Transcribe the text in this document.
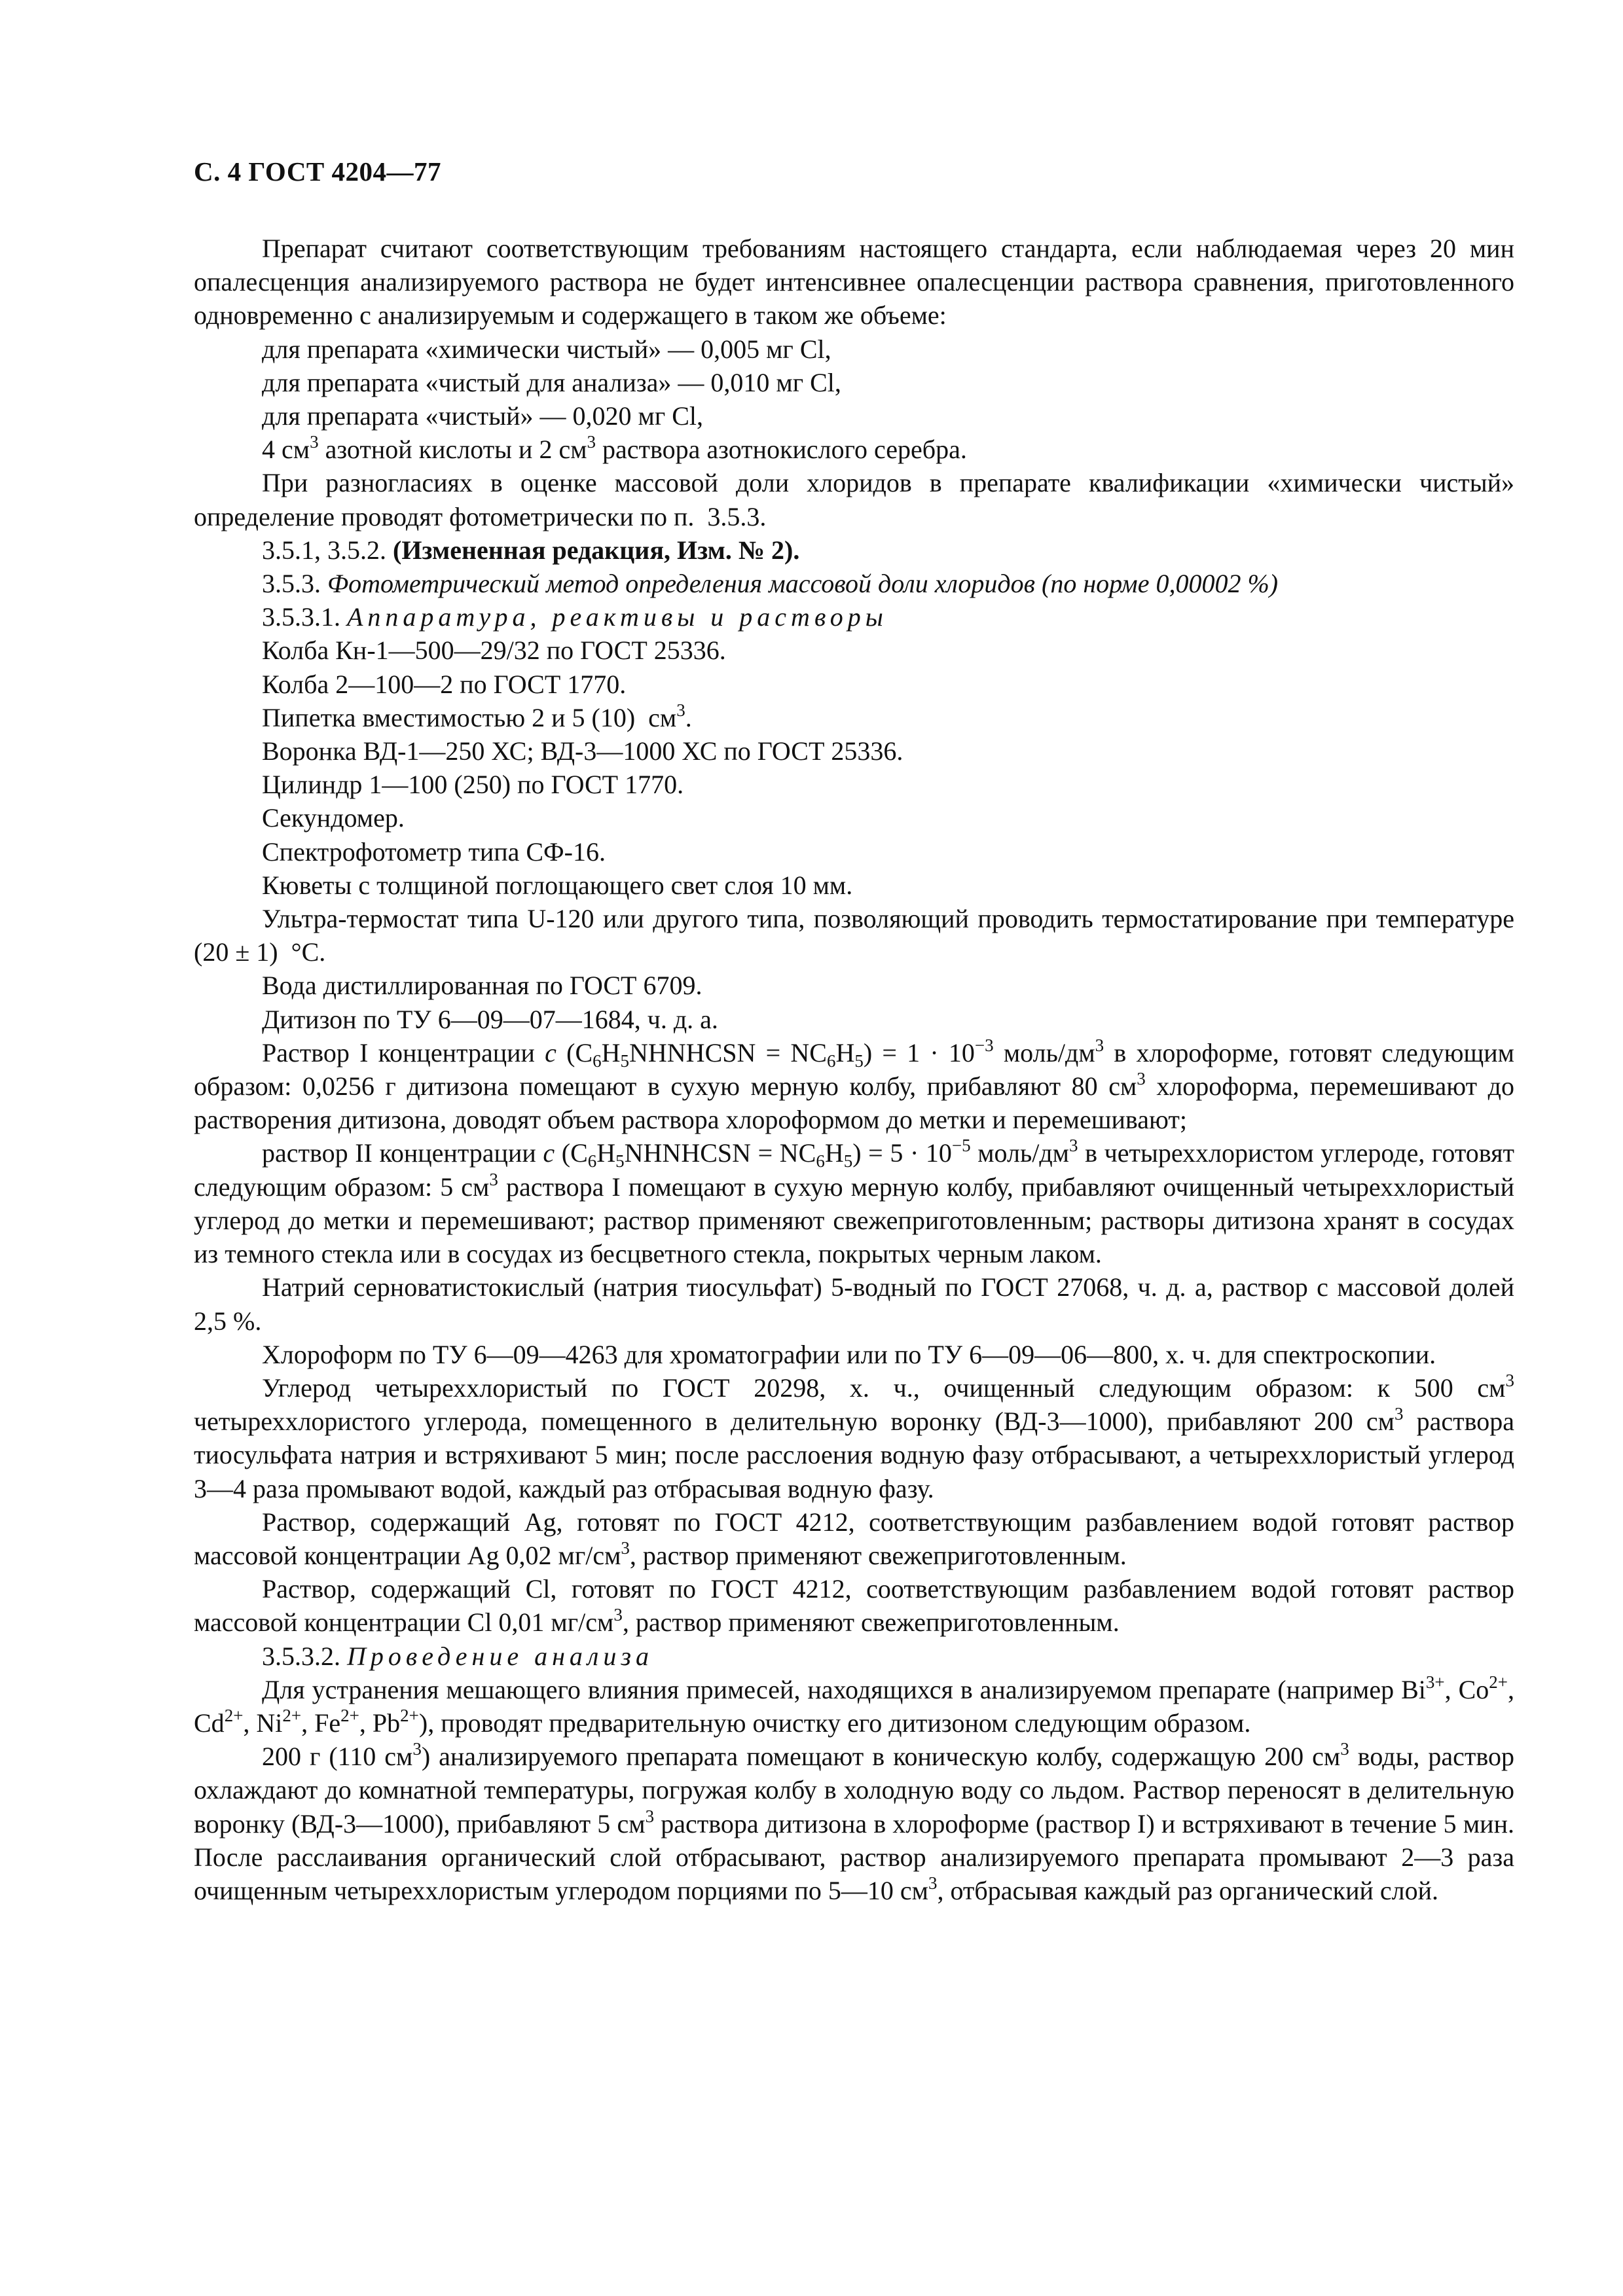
С. 4 ГОСТ 4204—77

Препарат считают соответствующим требованиям настоящего стандарта, если наблюдаемая через 20 мин опалесценция анализируемого раствора не будет интенсивнее опалесценции раствора сравнения, приготовленного одновременно с анализируемым и содержащего в таком же объеме:

для препарата «химически чистый» — 0,005 мг Cl,

для препарата «чистый для анализа» — 0,010 мг Cl,

для препарата «чистый» — 0,020 мг Cl,

4 $см^3$ азотной кислоты и 2 $см^3$ раствора азотнокислого серебра.

При разногласиях в оценке массовой доли хлоридов в препарате квалификации «химически чистый» определение проводят фотометрически по п.  3.5.3.

3.5.1, 3.5.2. (Измененная редакция, Изм. № 2).

3.5.3. Фотометрический метод определения массовой доли хлоридов (по норме 0,00002 %)

3.5.3.1. Аппаратура, реактивы и растворы

Колба Кн-1—500—29/32 по ГОСТ 25336.

Колба 2—100—2 по ГОСТ 1770.

Пипетка вместимостью 2 и 5 (10)  $см^3$.

Воронка ВД-1—250 ХС; ВД-3—1000 ХС по ГОСТ 25336.

Цилиндр 1—100 (250) по ГОСТ 1770.

Секундомер.

Спектрофотометр типа СФ-16.

Кюветы с толщиной поглощающего свет слоя 10 мм.

Ультра-термостат типа U-120 или другого типа, позволяющий проводить термостатирование при температуре (20 ± 1)  °С.

Вода дистиллированная по ГОСТ 6709.

Дитизон по ТУ 6—09—07—1684, ч. д. а.

Раствор I концентрации с $(С_6Н_5NHNHCSN = NC_6H_5) = 1 \cdot 10^{-3}$ моль/$дм^3$ в хлороформе, готовят следующим образом: 0,0256 г дитизона помещают в сухую мерную колбу, прибавляют 80 $см^3$ хлороформа, перемешивают до растворения дитизона, доводят объем раствора хлороформом до метки и перемешивают;

раствор II концентрации с $(С_6Н_5NHNHCSN = NC_6H_5) = 5 \cdot 10^{-5}$ моль/$дм^3$ в четыреххлористом углероде, готовят следующим образом: 5 $см^3$ раствора I помещают в сухую мерную колбу, прибавляют очищенный четыреххлористый углерод до метки и перемешивают; раствор применяют свежеприготовленным; растворы дитизона хранят в сосудах из темного стекла или в сосудах из бесцветного стекла, покрытых черным лаком.

Натрий серноватистокислый (натрия тиосульфат) 5-водный по ГОСТ 27068, ч. д. а, раствор с массовой долей 2,5 %.

Хлороформ по ТУ 6—09—4263 для хроматографии или по ТУ 6—09—06—800, х. ч. для спектроскопии.

Углерод четыреххлористый по ГОСТ 20298, х. ч., очищенный следующим образом: к 500 $см^3$ четыреххлористого углерода, помещенного в делительную воронку (ВД-3—1000), прибавляют 200 $см^3$ раствора тиосульфата натрия и встряхивают 5 мин; после расслоения водную фазу отбрасывают, а четыреххлористый углерод 3—4 раза промывают водой, каждый раз отбрасывая водную фазу.

Раствор, содержащий Ag, готовят по ГОСТ 4212, соответствующим разбавлением водой готовят раствор массовой концентрации Ag 0,02 $мг/см^3$, раствор применяют свежеприготовленным.

Раствор, содержащий Cl, готовят по ГОСТ 4212, соответствующим разбавлением водой готовят раствор массовой концентрации Cl 0,01 $мг/см^3$, раствор применяют свежеприготовленным.

3.5.3.2. Проведение анализа

Для устранения мешающего влияния примесей, находящихся в анализируемом препарате (например $Bi^{3+}$, $Co^{2+}$, $Cd^{2+}$, $Ni^{2+}$, $Fe^{2+}$, $Pb^{2+}$), проводят предварительную очистку его дитизоном следующим образом.

200 г (110 $см^3$) анализируемого препарата помещают в коническую колбу, содержащую 200 $см^3$ воды, раствор охлаждают до комнатной температуры, погружая колбу в холодную воду со льдом. Раствор переносят в делительную воронку (ВД-3—1000), прибавляют 5 $см^3$ раствора дитизона в хлороформе (раствор I) и встряхивают в течение 5 мин. После расслаивания органический слой отбрасывают, раствор анализируемого препарата промывают 2—3 раза очищенным четыреххлористым углеродом порциями по 5—10 $см^3$, отбрасывая каждый раз органический слой.
